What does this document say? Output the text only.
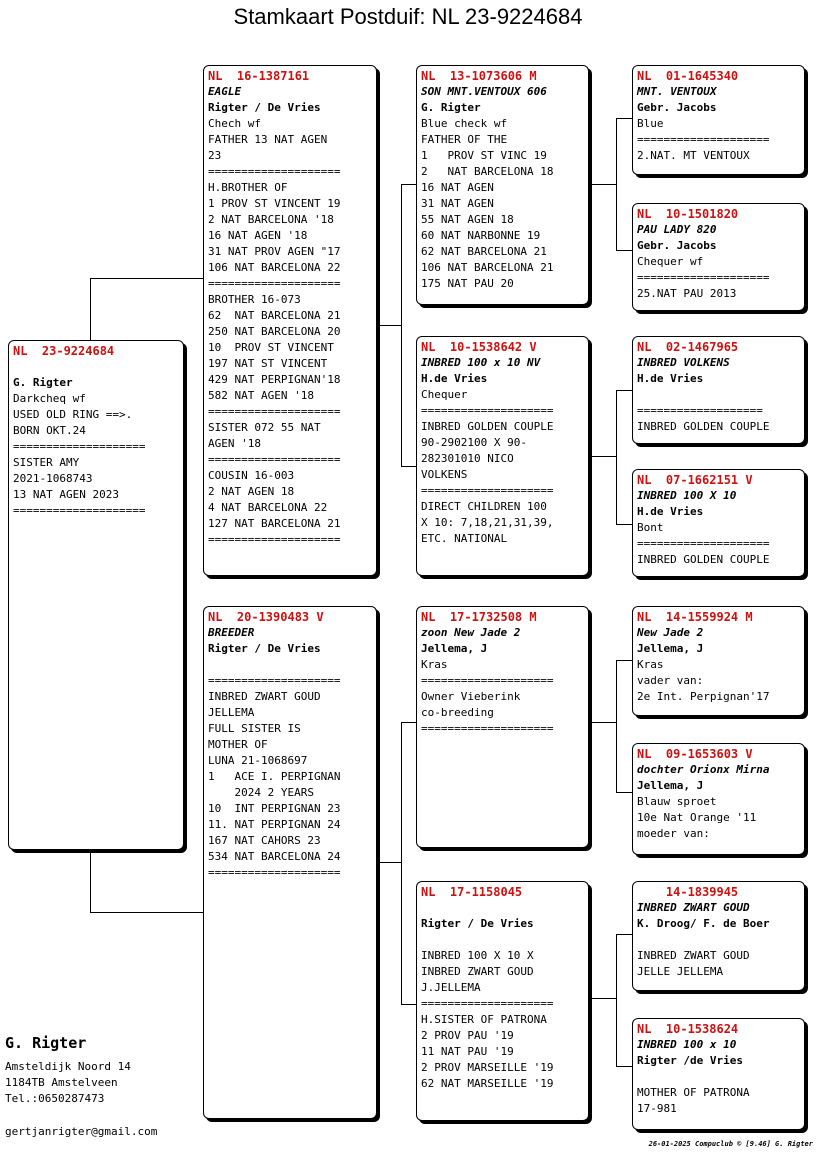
Stamkaart Postduif: NL 23-9224684
NL  23-9224684
G. Rigter
Darkcheq wf
USED OLD RING ==>.
BORN OKT.24
====================
SISTER AMY
2021-1068743
13 NAT AGEN 2023
====================
NL  16-1387161
EAGLE
Rigter / De Vries
Chech wf
FATHER 13 NAT AGEN
23
====================
H.BROTHER OF
1 PROV ST VINCENT 19
2 NAT BARCELONA '18
16 NAT AGEN '18
31 NAT PROV AGEN "17
106 NAT BARCELONA 22
====================
BROTHER 16-073
62  NAT BARCELONA 21
250 NAT BARCELONA 20
10  PROV ST VINCENT
197 NAT ST VINCENT
429 NAT PERPIGNAN'18
582 NAT AGEN '18
====================
SISTER 072 55 NAT
AGEN '18
====================
COUSIN 16-003
2 NAT AGEN 18
4 NAT BARCELONA 22
127 NAT BARCELONA 21
====================
NL  20-1390483 V
BREEDER
Rigter / De Vries
====================
INBRED ZWART GOUD
JELLEMA
FULL SISTER IS
MOTHER OF
LUNA 21-1068697
1   ACE I. PERPIGNAN
2024 2 YEARS
10  INT PERPIGNAN 23
11. NAT PERPIGNAN 24
167 NAT CAHORS 23
534 NAT BARCELONA 24
====================
NL  13-1073606 M
SON MNT.VENTOUX 606
G. Rigter
Blue check wf
FATHER OF THE
1   PROV ST VINC 19
2   NAT BARCELONA 18
16 NAT AGEN
31 NAT AGEN
55 NAT AGEN 18
60 NAT NARBONNE 19
62 NAT BARCELONA 21
106 NAT BARCELONA 21
175 NAT PAU 20
NL  10-1538642 V
INBRED 100 x 10 NV
H.de Vries
Chequer
====================
INBRED GOLDEN COUPLE
90-2902100 X 90-
282301010 NICO
VOLKENS
====================
DIRECT CHILDREN 100
X 10: 7,18,21,31,39,
ETC. NATIONAL
NL  17-1732508 M
zoon New Jade 2
Jellema, J
Kras
====================
Owner Vieberink
co-breeding
====================
NL  17-1158045
Rigter / De Vries
INBRED 100 X 10 X
INBRED ZWART GOUD
J.JELLEMA
====================
H.SISTER OF PATRONA
2 PROV PAU '19
11 NAT PAU '19
2 PROV MARSEILLE '19
62 NAT MARSEILLE '19
NL  01-1645340
MNT. VENTOUX
Gebr. Jacobs
Blue
====================
2.NAT. MT VENTOUX
NL  10-1501820
PAU LADY 820
Gebr. Jacobs
Chequer wf
====================
25.NAT PAU 2013
NL  02-1467965
INBRED VOLKENS
H.de Vries
===================
INBRED GOLDEN COUPLE
NL  07-1662151 V
INBRED 100 X 10
H.de Vries
Bont
====================
INBRED GOLDEN COUPLE
NL  14-1559924 M
New Jade 2
Jellema, J
Kras
vader van:
2e Int. Perpignan'17
NL  09-1653603 V
dochter Orionx Mirna
Jellema, J
Blauw sproet
10e Nat Orange '11
moeder van:
14-1839945
INBRED ZWART GOUD
K. Droog/ F. de Boer
INBRED ZWART GOUD
JELLE JELLEMA
NL  10-1538624
INBRED 100 x 10
Rigter /de Vries
MOTHER OF PATRONA
17-981
G. Rigter
Amsteldijk Noord 14
1184TB Amstelveen
Tel.:0650287473
gertjanrigter@gmail.com
26-01-2025 Compuclub © [9.46] G. Rigter
